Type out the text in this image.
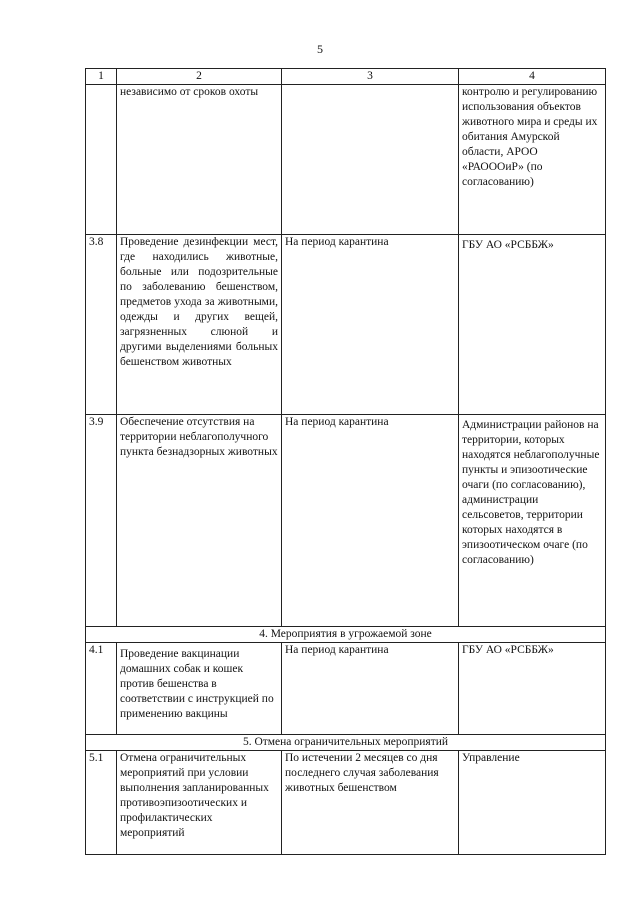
5
1	2	3	4
	независимо от сроков охоты		контролю и регулированию использования объектов животного мира и среды их обитания Амурской области, АРОО «РАОООиР» (по согласованию)
3.8	Проведение дезинфекции мест, где находились животные, больные или подозрительные по заболеванию бешенством, предметов ухода за животными, одежды и других вещей, загрязненных слюной и другими выделениями больных бешенством животных	На период карантина	ГБУ АО «РСББЖ»
3.9	Обеспечение отсутствия на территории неблагополучного пункта безнадзорных животных	На период карантина	Администрации районов на территории, которых находятся неблагополучные пункты и эпизоотические очаги (по согласованию), администрации сельсоветов, территории которых находятся в эпизоотическом очаге (по согласованию)
4. Мероприятия в угрожаемой зоне			
4.1	Проведение вакцинации домашних собак и кошек против бешенства в соответствии с инструкцией по применению вакцины	На период карантина	ГБУ АО «РСББЖ»
5. Отмена ограничительных мероприятий			
5.1	Отмена ограничительных мероприятий при условии выполнения запланированных противоэпизоотических и профилактических мероприятий	По истечении 2 месяцев со дня последнего случая заболевания животных бешенством	Управление
